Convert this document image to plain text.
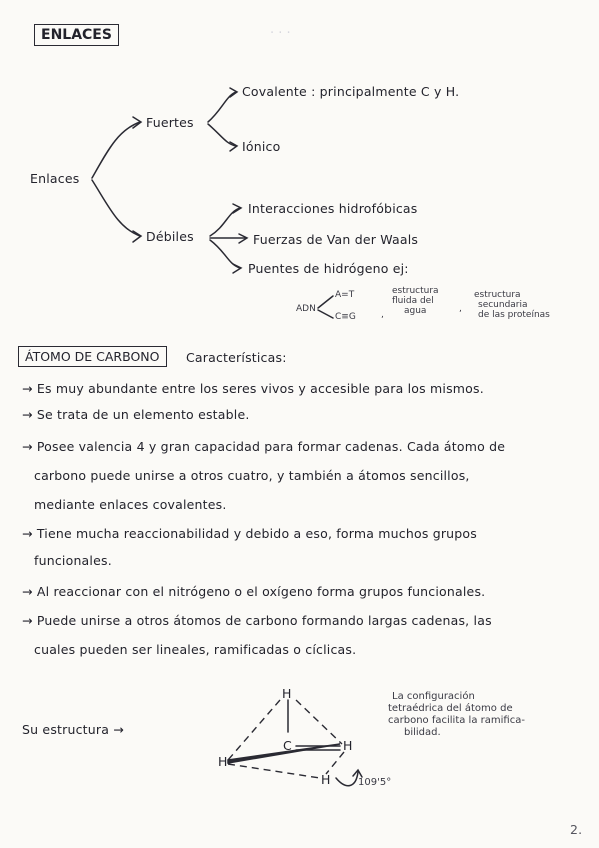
· · ·
ENLACES
Enlaces
Fuertes
Débiles
Covalente : principalmente C y H.
Iónico
Interacciones hidrofóbicas
Fuerzas de Van der Waals
Puentes de hidrógeno ej:
ADN
A=T
C≡G	,
estructura
fluida del
agua	,
estructura
secundaria
de las proteínas
ÁTOMO DE CARBONO	Características:
→ Es muy abundante entre los seres vivos y accesible para los mismos.
→ Se trata de un elemento estable.
→ Posee valencia 4 y gran capacidad para formar cadenas. Cada átomo de
carbono puede unirse a otros cuatro, y también a átomos sencillos,
mediante enlaces covalentes.
→ Tiene mucha reaccionabilidad y debido a eso, forma muchos grupos
funcionales.
→ Al reaccionar con el nitrógeno o el oxígeno forma grupos funcionales.
→ Puede unirse a otros átomos de carbono formando largas cadenas, las
cuales pueden ser lineales, ramificadas o cíclicas.
Su estructura →
H
C
H
H
H	109'5°
La configuración
tetraédrica del átomo de
carbono facilita la ramifica-
bilidad.
2.
